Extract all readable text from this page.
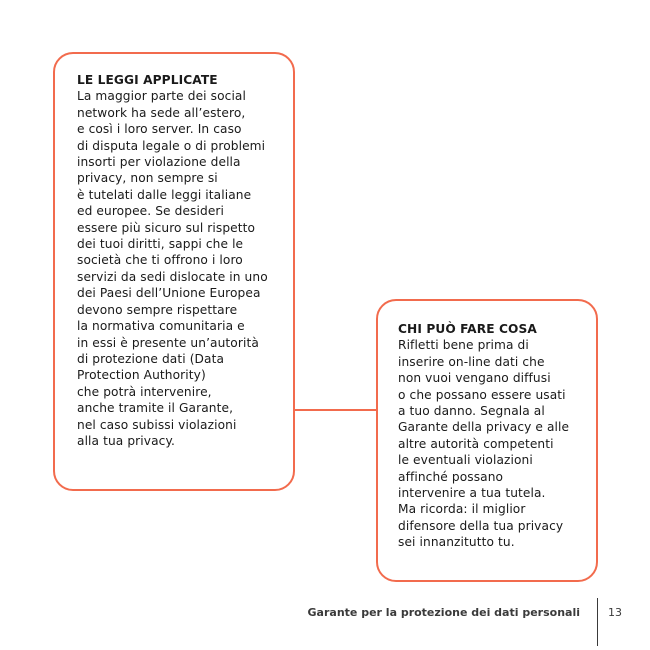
LE LEGGI APPLICATE
La maggior parte dei social
network ha sede all’estero,
e così i loro server. In caso
di disputa legale o di problemi
insorti per violazione della
privacy, non sempre si
è tutelati dalle leggi italiane
ed europee. Se desideri
essere più sicuro sul rispetto
dei tuoi diritti, sappi che le
società che ti offrono i loro
servizi da sedi dislocate in uno
dei Paesi dell’Unione Europea
devono sempre rispettare
la normativa comunitaria e
in essi è presente un’autorità
di protezione dati (Data
Protection Authority)
che potrà intervenire,
anche tramite il Garante,
nel caso subissi violazioni
alla tua privacy.
CHI PUÒ FARE COSA
Rifletti bene prima di
inserire on-line dati che
non vuoi vengano diffusi
o che possano essere usati
a tuo danno. Segnala al
Garante della privacy e alle
altre autorità competenti
le eventuali violazioni
affinché possano
intervenire a tua tutela.
Ma ricorda: il miglior
difensore della tua privacy
sei innanzitutto tu.
Garante per la protezione dei dati personali	13
